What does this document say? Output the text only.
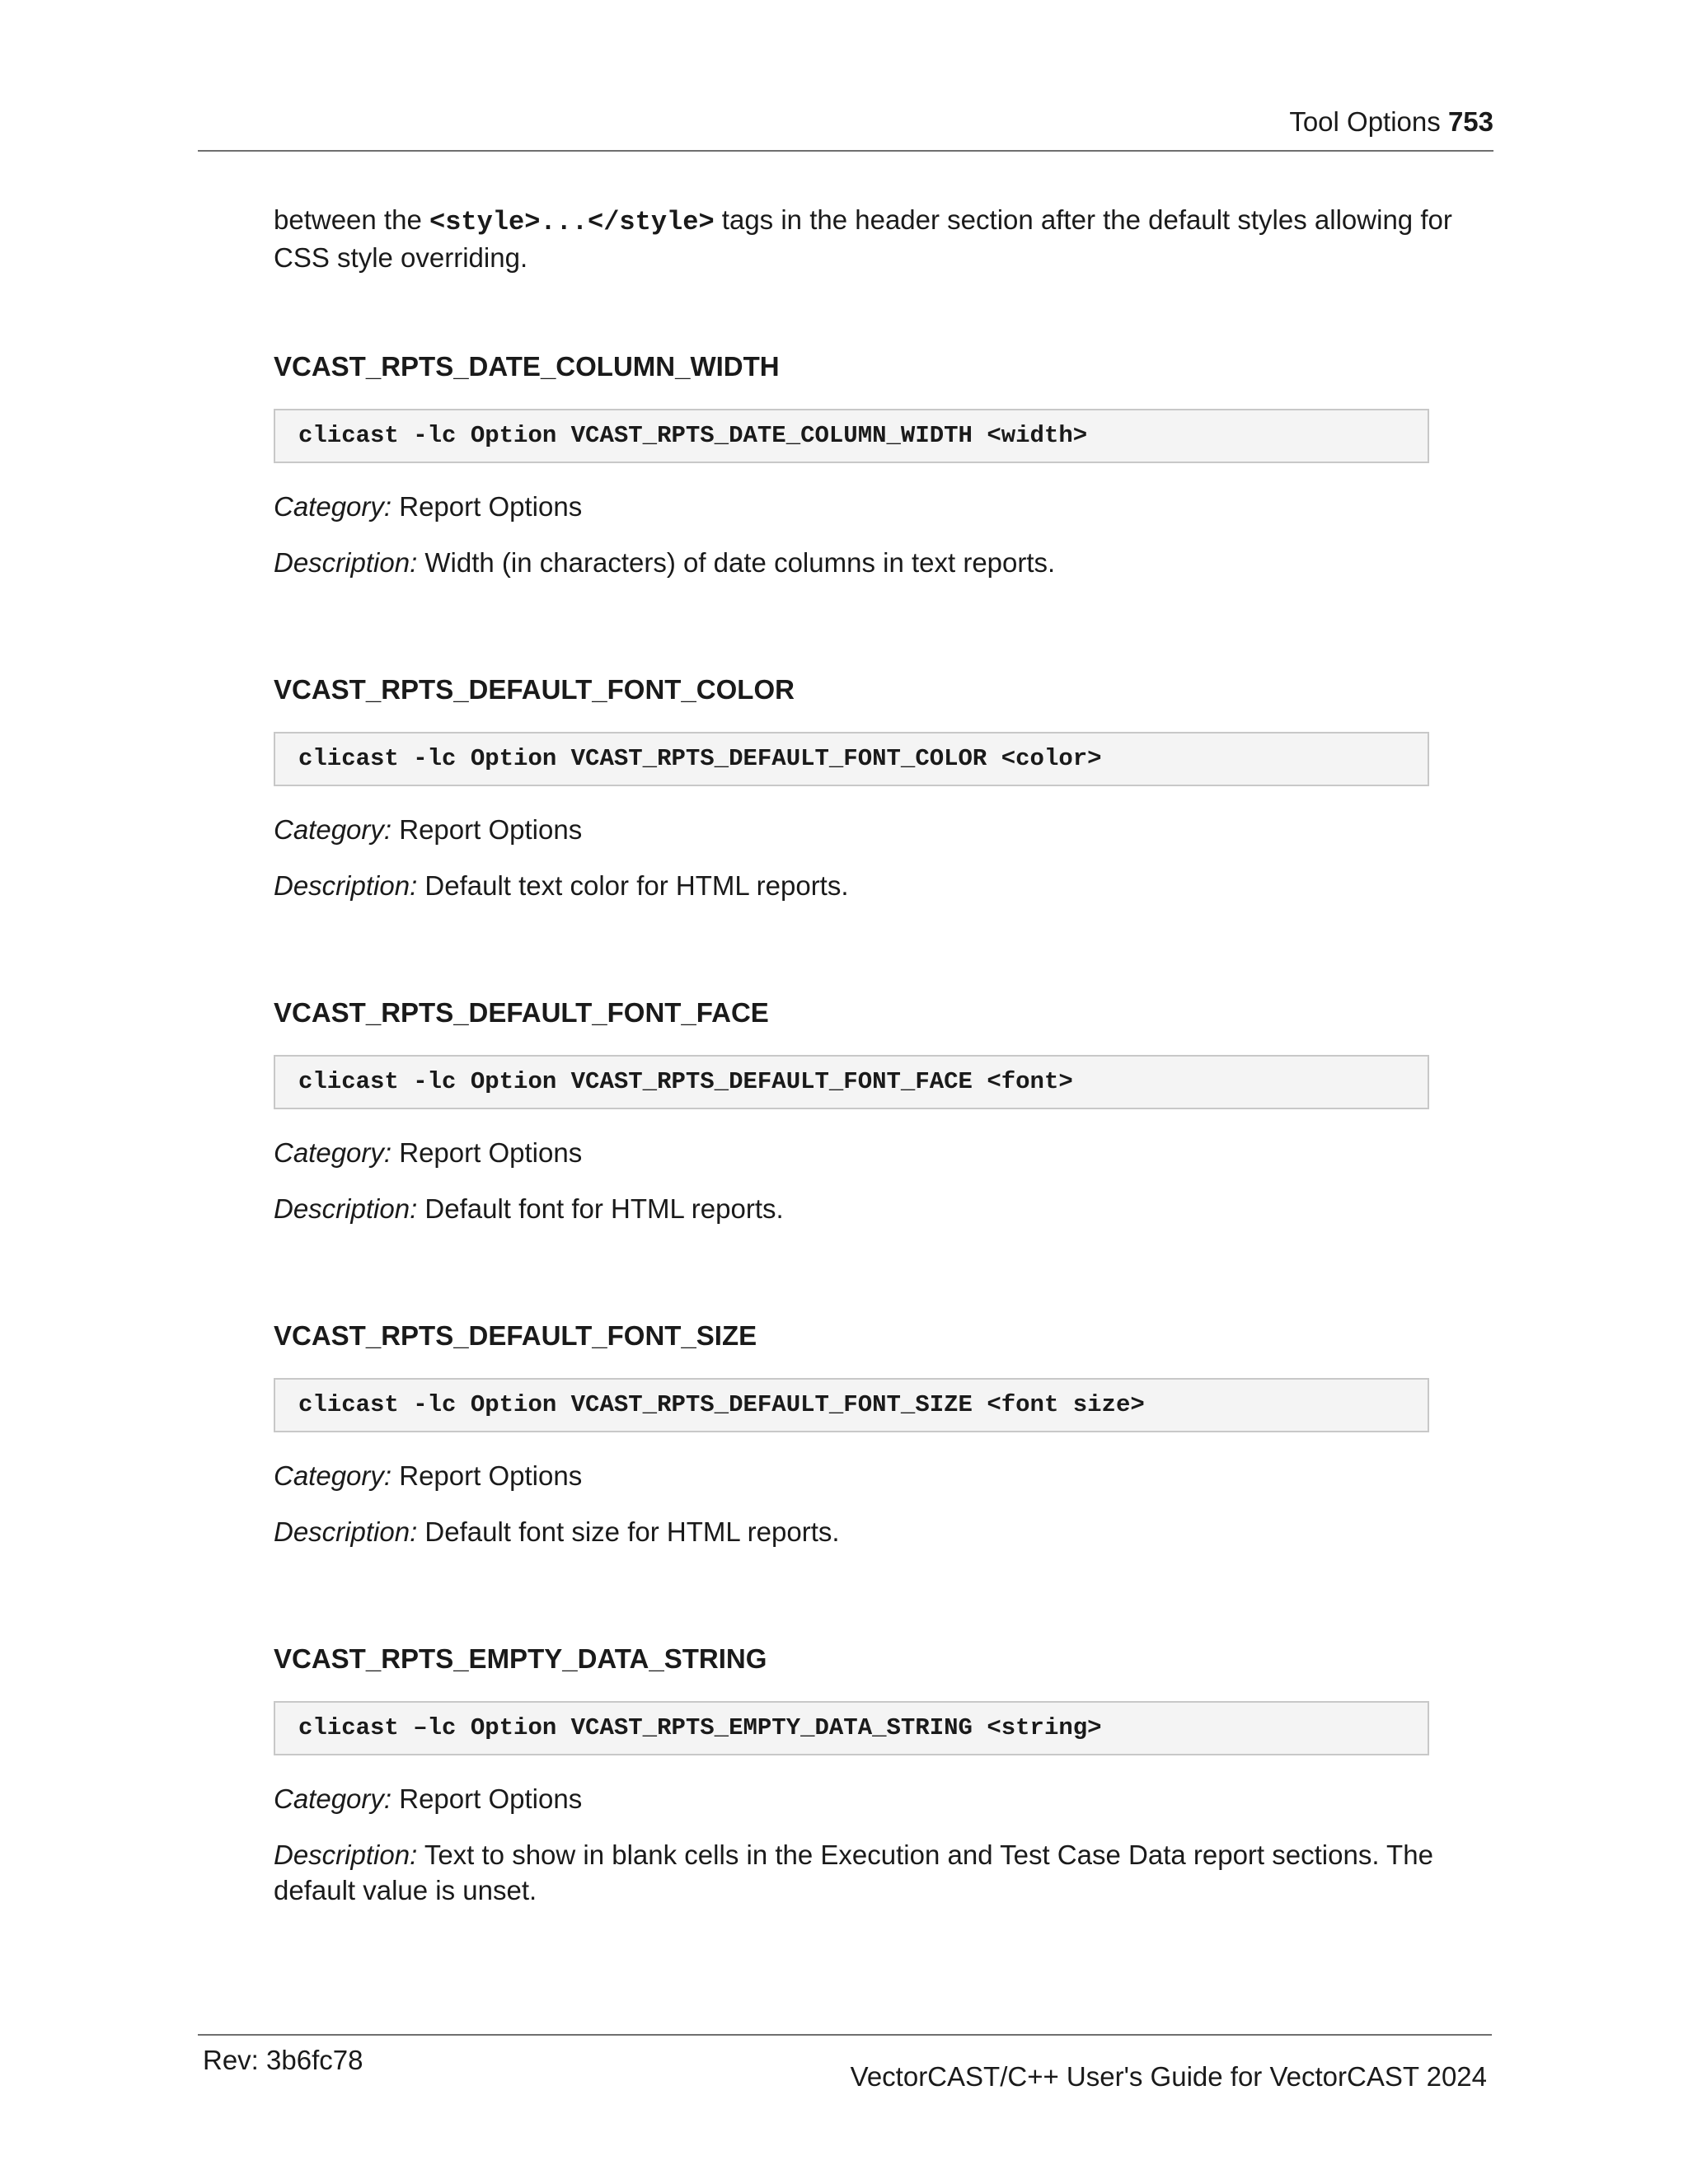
Tool Options 753

between the <style>...</style> tags in the header section after the default styles allowing for CSS style overriding.

VCAST_RPTS_DATE_COLUMN_WIDTH
clicast -lc Option VCAST_RPTS_DATE_COLUMN_WIDTH <width>

Category: Report Options

Description: Width (in characters) of date columns in text reports.

VCAST_RPTS_DEFAULT_FONT_COLOR
clicast -lc Option VCAST_RPTS_DEFAULT_FONT_COLOR <color>

Category: Report Options

Description: Default text color for HTML reports.

VCAST_RPTS_DEFAULT_FONT_FACE
clicast -lc Option VCAST_RPTS_DEFAULT_FONT_FACE <font>

Category: Report Options

Description: Default font for HTML reports.

VCAST_RPTS_DEFAULT_FONT_SIZE
clicast -lc Option VCAST_RPTS_DEFAULT_FONT_SIZE <font size>

Category: Report Options

Description: Default font size for HTML reports.

VCAST_RPTS_EMPTY_DATA_STRING
clicast –lc Option VCAST_RPTS_EMPTY_DATA_STRING <string>

Category: Report Options

Description: Text to show in blank cells in the Execution and Test Case Data report sections. The default value is unset.

Rev: 3b6fc78
VectorCAST/C++ User's Guide for VectorCAST 2024
